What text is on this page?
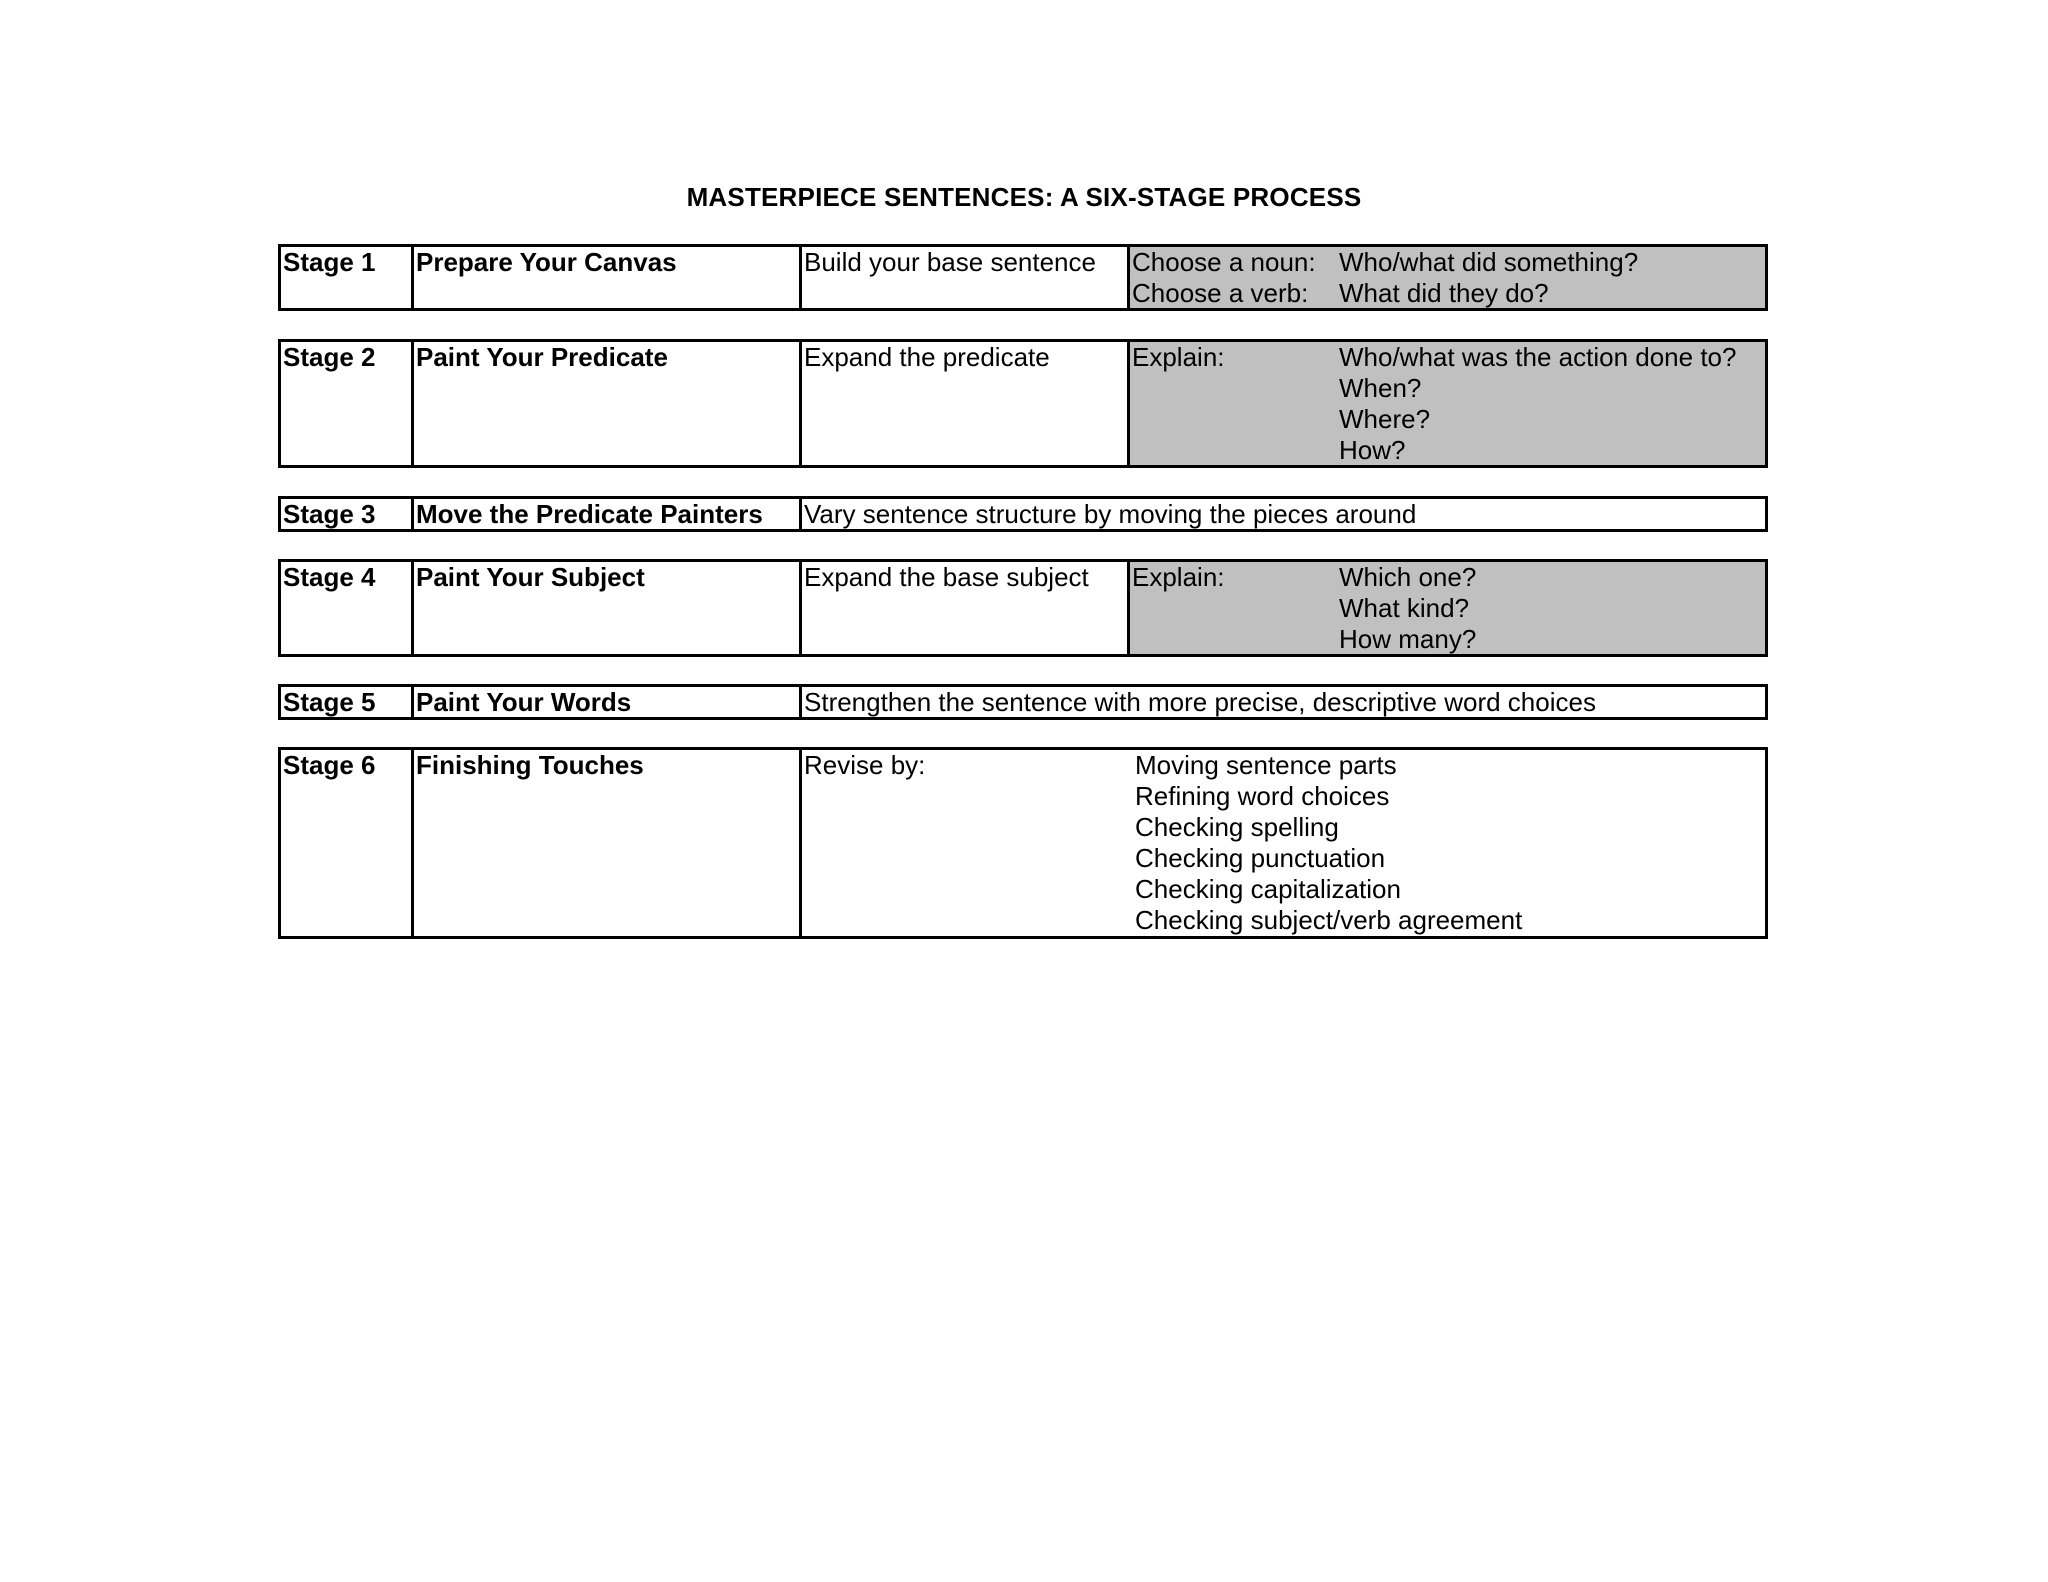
MASTERPIECE SENTENCES: A SIX-STAGE PROCESS
Stage 1	Prepare Your Canvas	Build your base sentence	Choose a noun: Who/what did something?
Choose a verb:	What did they do?
Stage 2	Paint Your Predicate	Expand the predicate	Explain:	Who/what was the action done to?
When?
Where?
How?
Stage 3	Move the Predicate Painters	Vary sentence structure by moving the pieces around
Stage 4	Paint Your Subject	Expand the base subject	Explain:	Which one?
What kind?
How many?
Stage 5	Paint Your Words	Strengthen the sentence with more precise, descriptive word choices
Stage 6	Finishing Touches	Revise by:	Moving sentence parts
Refining word choices
Checking spelling
Checking punctuation
Checking capitalization
Checking subject/verb agreement
